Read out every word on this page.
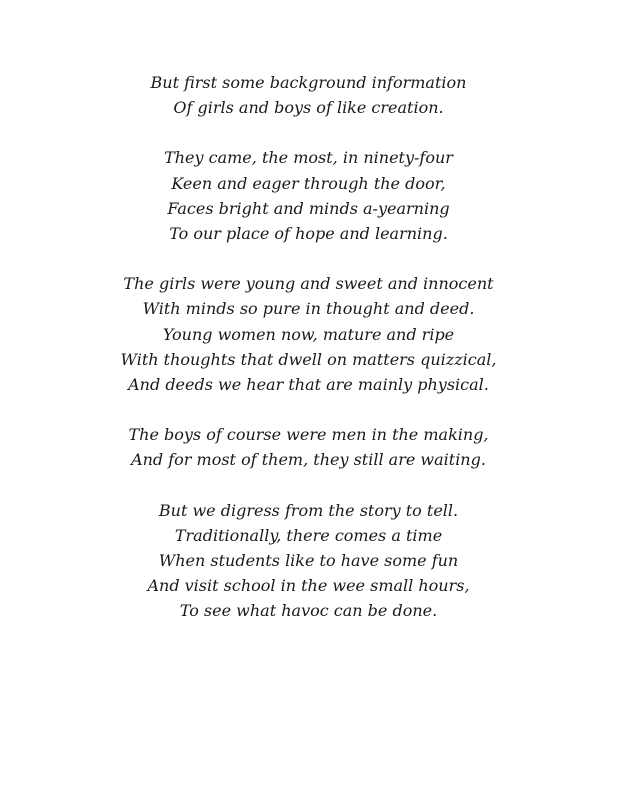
But first some background information
Of girls and boys of like creation.
They came, the most, in ninety-four
Keen and eager through the door,
Faces bright and minds a-yearning
To our place of hope and learning.
The girls were young and sweet and innocent
With minds so pure in thought and deed.
Young women now, mature and ripe
With thoughts that dwell on matters quizzical,
And deeds we hear that are mainly physical.
The boys of course were men in the making,
And for most of them, they still are waiting.
But we digress from the story to tell.
Traditionally, there comes a time
When students like to have some fun
And visit school in the wee small hours,
To see what havoc can be done.
